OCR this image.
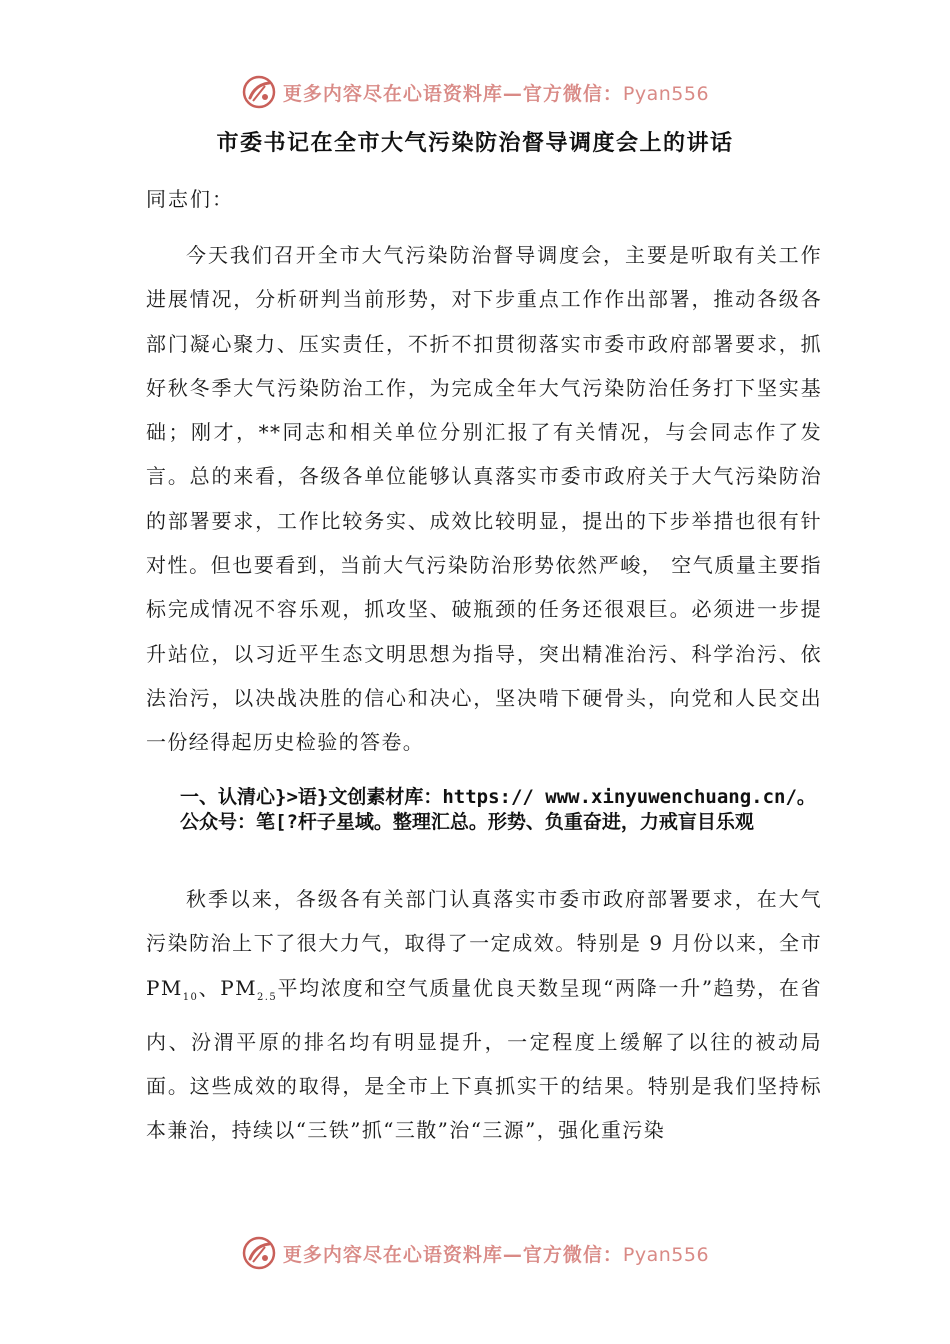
更多内容尽在心语资料库—官方微信：Pyan556
市委书记在全市大气污染防治督导调度会上的讲话
同志们：

今天我们召开全市大气污染防治督导调度会，主要是听取有关工作进展情况，分析研判当前形势，对下步重点工作作出部署，推动各级各部门凝心聚力、压实责任，不折不扣贯彻落实市委市政府部署要求，抓好秋冬季大气污染防治工作，为完成全年大气污染防治任务打下坚实基础；刚才，**同志和相关单位分别汇报了有关情况，与会同志作了发言。总的来看，各级各单位能够认真落实市委市政府关于大气污染防治的部署要求，工作比较务实、成效比较明显，提出的下步举措也很有针对性。但也要看到，当前大气污染防治形势依然严峻， 空气质量主要指标完成情况不容乐观，抓攻坚、破瓶颈的任务还很艰巨。必须进一步提升站位，以习近平生态文明思想为指导，突出精准治污、科学治污、依法治污，以决战决胜的信心和决心，坚决啃下硬骨头，向党和人民交出一份经得起历史检验的答卷。

一、认清心}>语}文创素材库：https:// www.xinyuwenchuang.cn/。公众号：笔[?杆子星域。整理汇总。形势、负重奋进，力戒盲目乐观

秋季以来，各级各有关部门认真落实市委市政府部署要求，在大气污染防治上下了很大力气，取得了一定成效。特别是 9 月份以来，全市 $PM_{10}$、$PM_{2.5}$平均浓度和空气质量优良天数呈现“两降一升”趋势，在省内、汾渭平原的排名均有明显提升，一定程度上缓解了以往的被动局面。这些成效的取得，是全市上下真抓实干的结果。特别是我们坚持标本兼治，持续以“三铁”抓“三散”治“三源”，强化重污染

更多内容尽在心语资料库—官方微信：Pyan556
